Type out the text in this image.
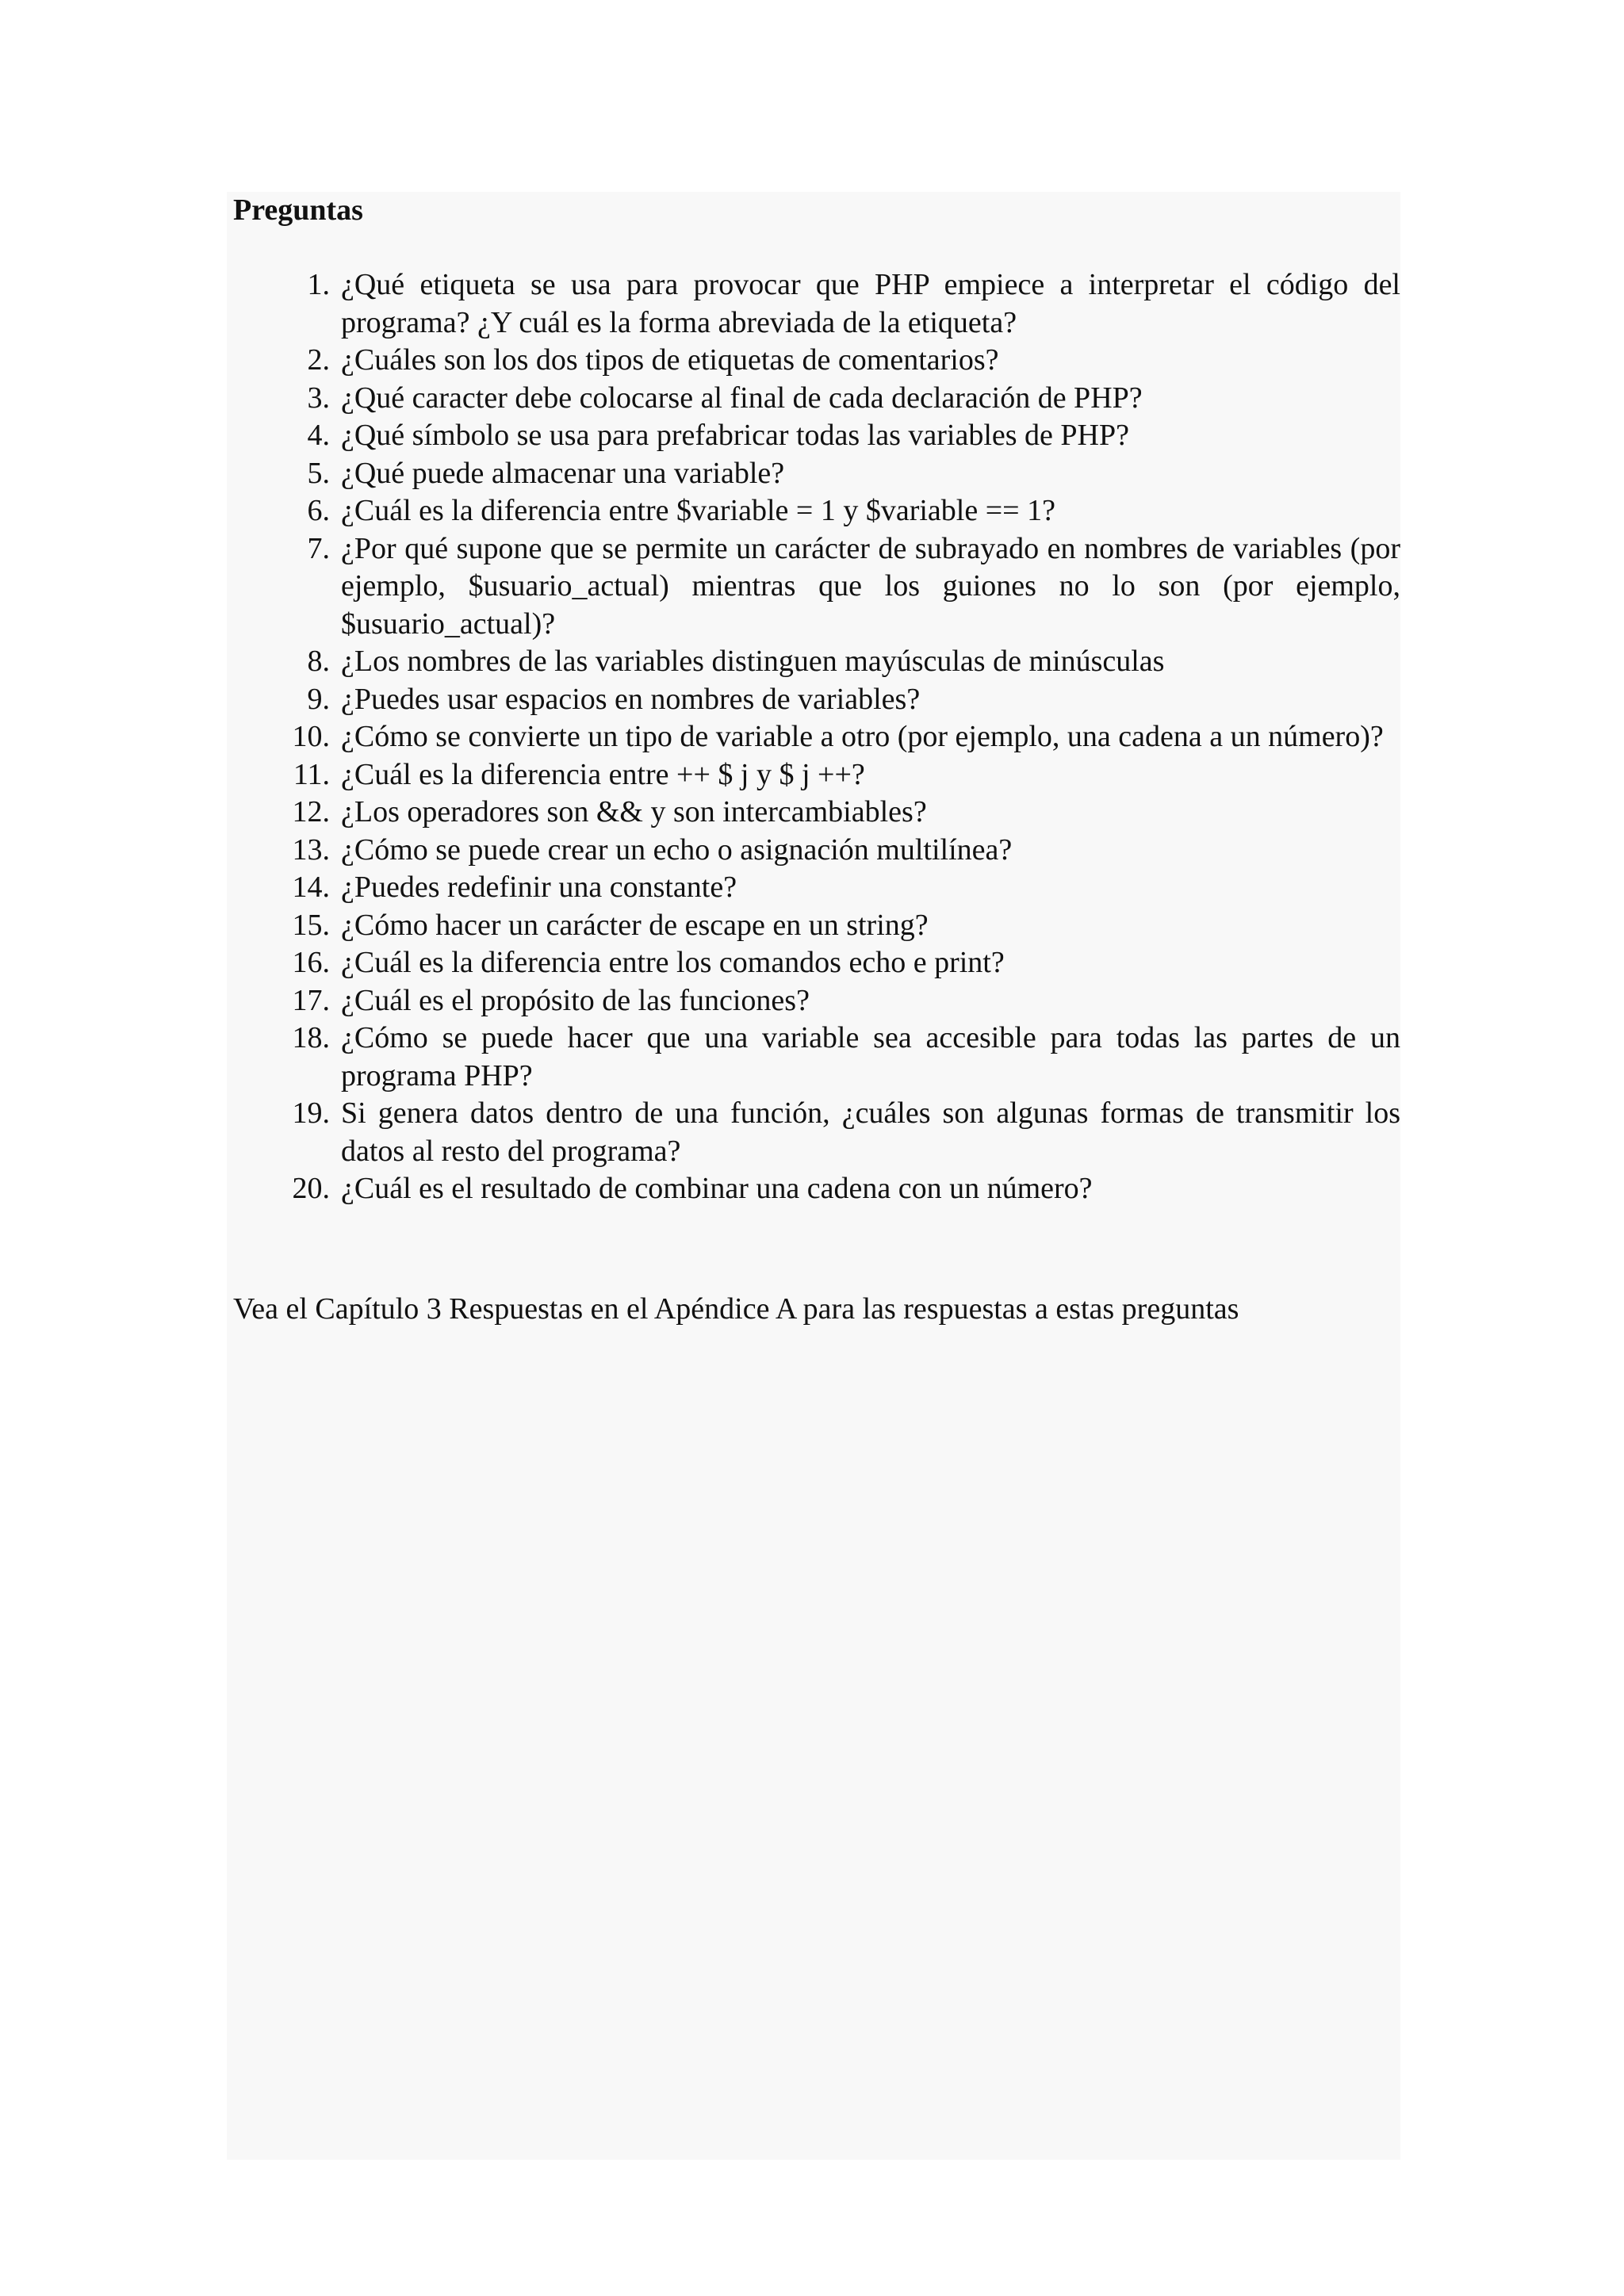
Preguntas
1. ¿Qué etiqueta se usa para provocar que PHP empiece a interpretar el código del programa? ¿Y cuál es la forma abreviada de la etiqueta?
2. ¿Cuáles son los dos tipos de etiquetas de comentarios?
3. ¿Qué caracter debe colocarse al final de cada declaración de PHP?
4. ¿Qué símbolo se usa para prefabricar todas las variables de PHP?
5. ¿Qué puede almacenar una variable?
6. ¿Cuál es la diferencia entre $variable = 1 y $variable == 1?
7. ¿Por qué supone que se permite un carácter de subrayado en nombres de variables (por ejemplo, $usuario_actual) mientras que los guiones no lo son (por ejemplo, $usuario_actual)?
8. ¿Los nombres de las variables distinguen mayúsculas de minúsculas
9. ¿Puedes usar espacios en nombres de variables?
10. ¿Cómo se convierte un tipo de variable a otro (por ejemplo, una cadena a un número)?
11. ¿Cuál es la diferencia entre ++ $ j y $ j ++?
12. ¿Los operadores son && y son intercambiables?
13. ¿Cómo se puede crear un echo o asignación multilínea?
14. ¿Puedes redefinir una constante?
15. ¿Cómo hacer un carácter de escape en un string?
16. ¿Cuál es la diferencia entre los comandos echo e print?
17. ¿Cuál es el propósito de las funciones?
18. ¿Cómo se puede hacer que una variable sea accesible para todas las partes de un programa PHP?
19. Si genera datos dentro de una función, ¿cuáles son algunas formas de transmitir los datos al resto del programa?
20. ¿Cuál es el resultado de combinar una cadena con un número?

Vea el Capítulo 3 Respuestas en el Apéndice A para las respuestas a estas preguntas
